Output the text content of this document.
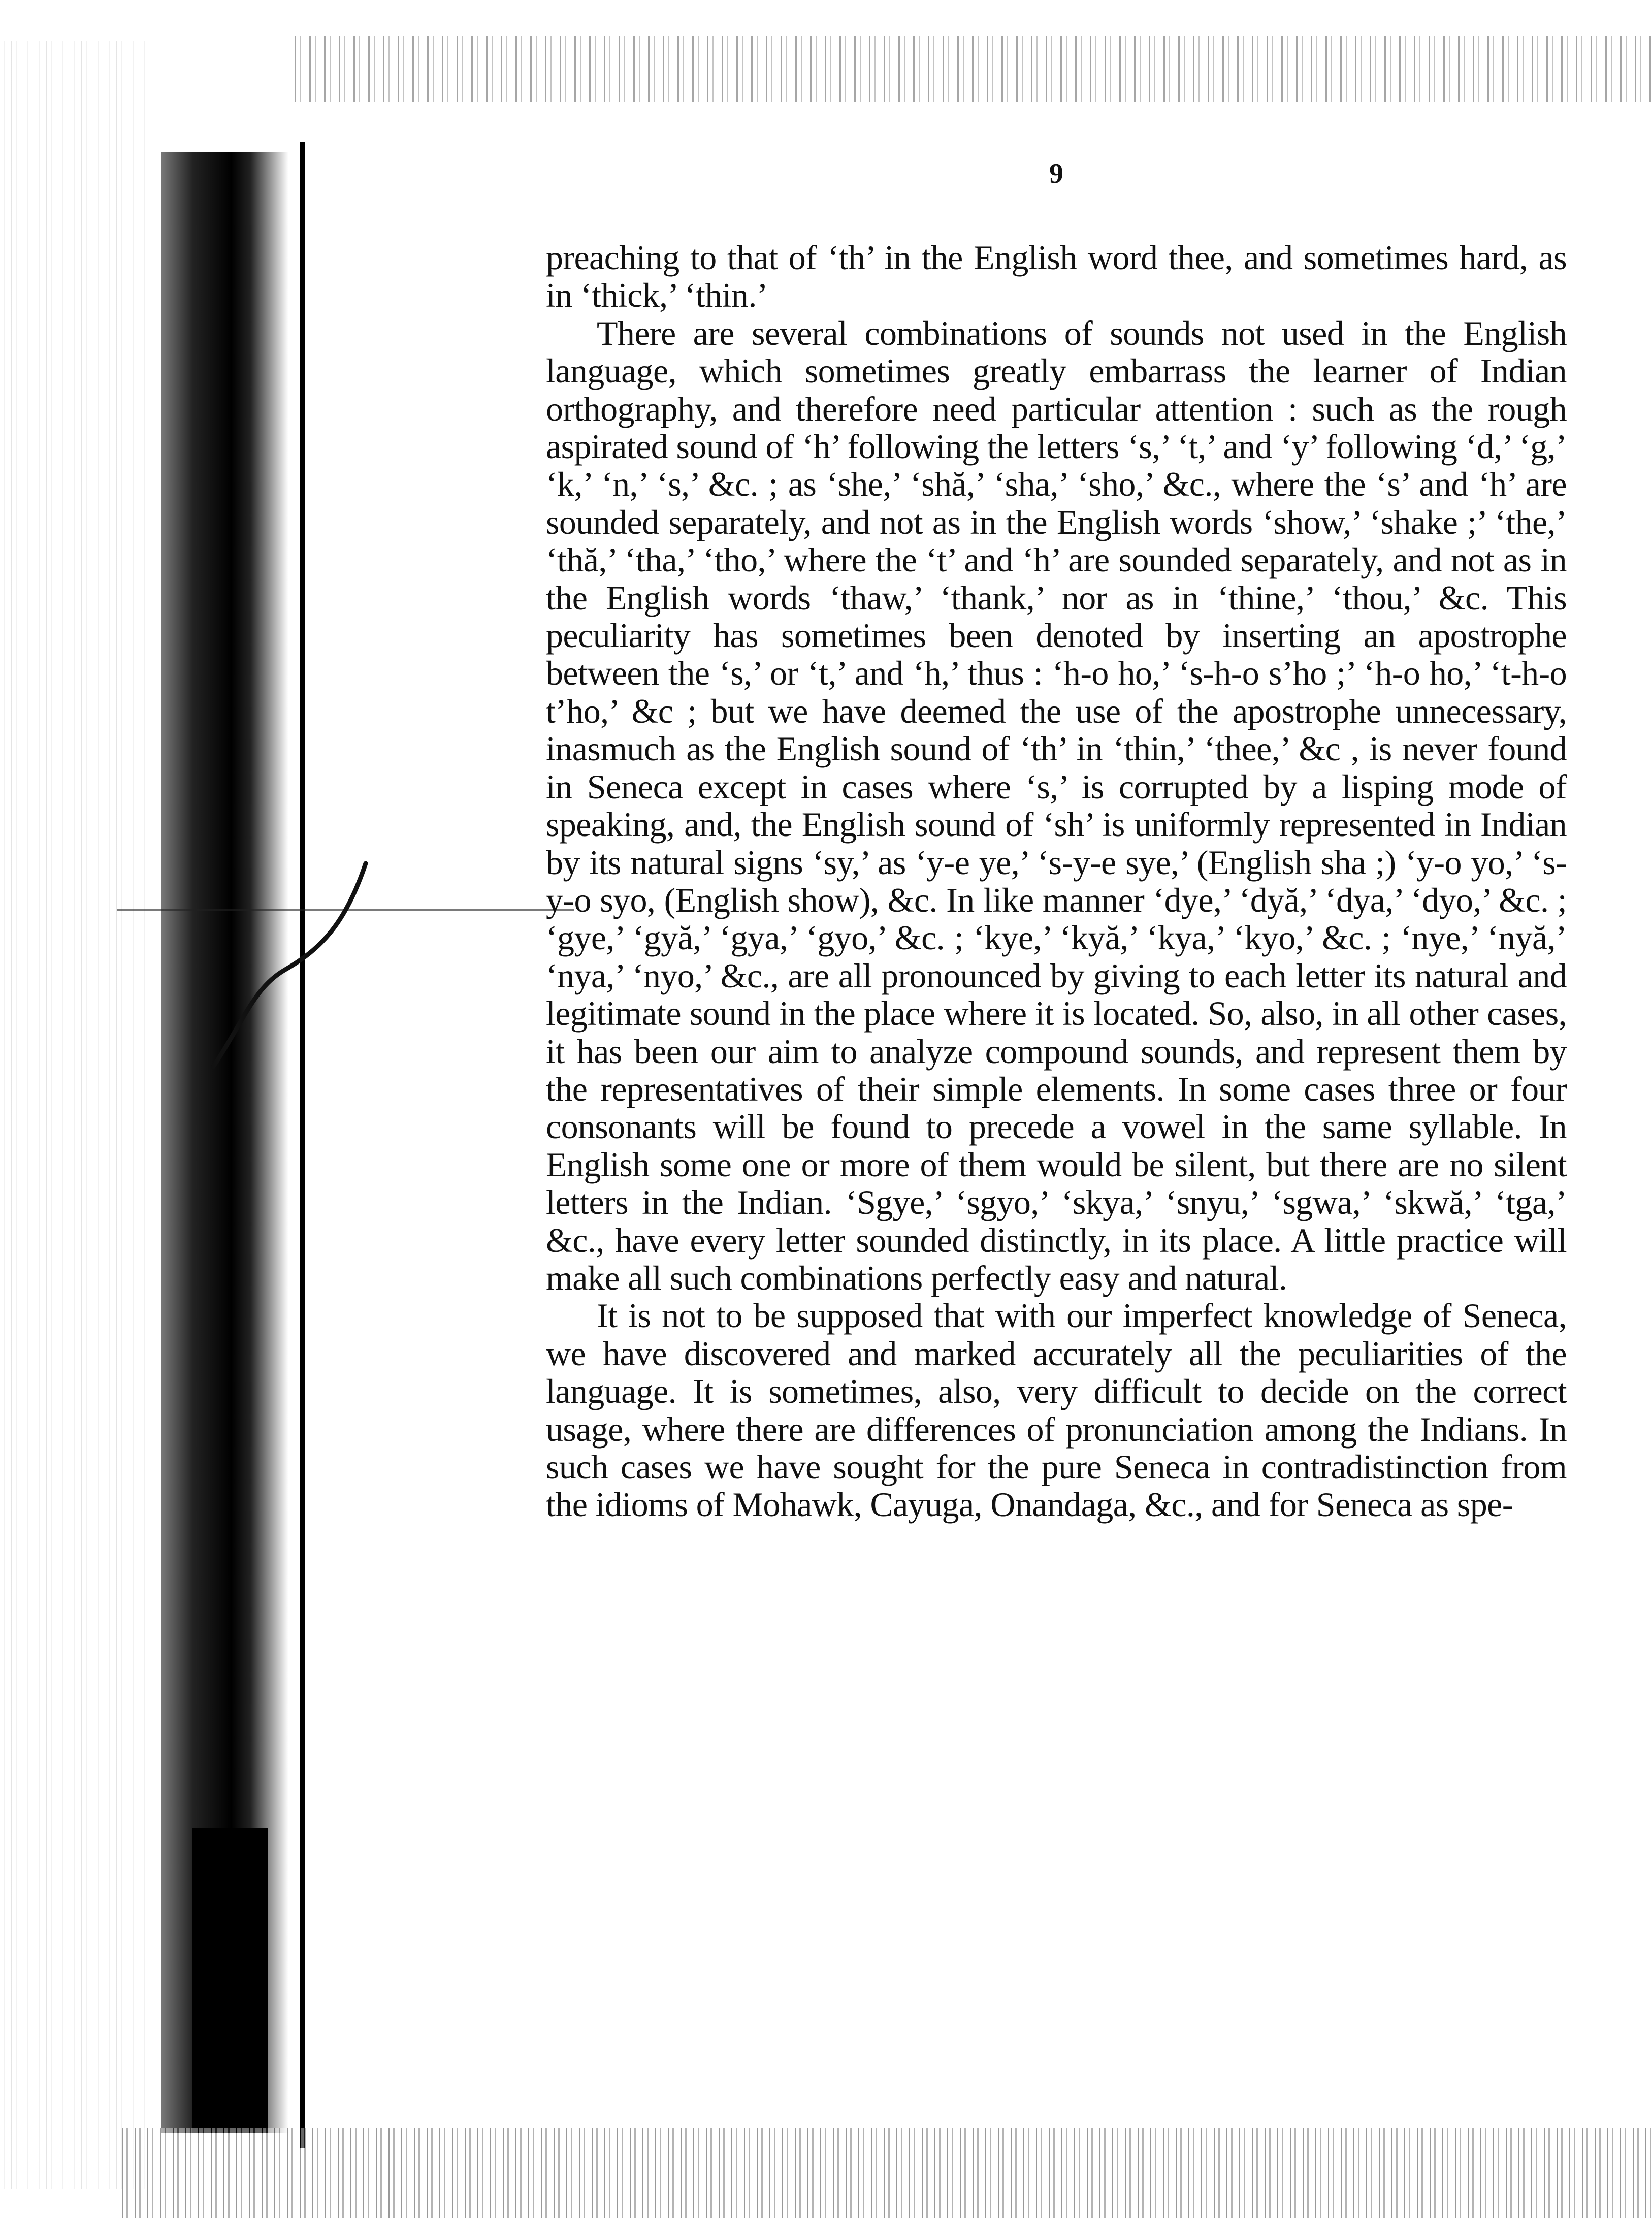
9

preaching to that of ‘th’ in the English word thee, and sometimes hard, as in ‘thick,’ ‘thin.’

There are several combinations of sounds not used in the English language, which sometimes greatly embarrass the learner of Indian orthography, and therefore need particular attention : such as the rough aspirated sound of ‘h’ following the letters ‘s,’ ‘t,’ and ‘y’ following ‘d,’ ‘g,’ ‘k,’ ‘n,’ ‘s,’ &c. ; as ‘she,’ ‘shă,’ ‘sha,’ ‘sho,’ &c., where the ‘s’ and ‘h’ are sounded separately, and not as in the English words ‘show,’ ‘shake ;’ ‘the,’ ‘thă,’ ‘tha,’ ‘tho,’ where the ‘t’ and ‘h’ are sounded separately, and not as in the English words ‘thaw,’ ‘thank,’ nor as in ‘thine,’ ‘thou,’ &c. This peculiarity has sometimes been denoted by inserting an apostrophe between the ‘s,’ or ‘t,’ and ‘h,’ thus : ‘h-o ho,’ ‘s-h-o s’ho ;’ ‘h-o ho,’ ‘t-h-o t’ho,’ &c ; but we have deemed the use of the apostrophe unnecessary, inasmuch as the English sound of ‘th’ in ‘thin,’ ‘thee,’ &c , is never found in Seneca except in cases where ‘s,’ is corrupted by a lisping mode of speaking, and, the English sound of ‘sh’ is uniformly represented in Indian by its natural signs ‘sy,’ as ‘y-e ye,’ ‘s-y-e sye,’ (English sha ;) ‘y-o yo,’ ‘s-y-o syo, (English show), &c. In like manner ‘dye,’ ‘dyă,’ ‘dya,’ ‘dyo,’ &c. ; ‘gye,’ ‘gyă,’ ‘gya,’ ‘gyo,’ &c. ; ‘kye,’ ‘kyă,’ ‘kya,’ ‘kyo,’ &c. ; ‘nye,’ ‘nyă,’ ‘nya,’ ‘nyo,’ &c., are all pronounced by giving to each letter its natural and legitimate sound in the place where it is located. So, also, in all other cases, it has been our aim to analyze compound sounds, and represent them by the representatives of their simple elements. In some cases three or four consonants will be found to precede a vowel in the same syllable. In English some one or more of them would be silent, but there are no silent letters in the Indian. ‘Sgye,’ ‘sgyo,’ ‘skya,’ ‘snyu,’ ‘sgwa,’ ‘skwă,’ ‘tga,’ &c., have every letter sounded distinctly, in its place. A little practice will make all such combinations perfectly easy and natural.

It is not to be supposed that with our imperfect knowledge of Seneca, we have discovered and marked accurately all the peculiarities of the language. It is sometimes, also, very difficult to decide on the correct usage, where there are differences of pronunciation among the Indians. In such cases we have sought for the pure Seneca in contradistinction from the idioms of Mohawk, Cayuga, Onandaga, &c., and for Seneca as spe-
